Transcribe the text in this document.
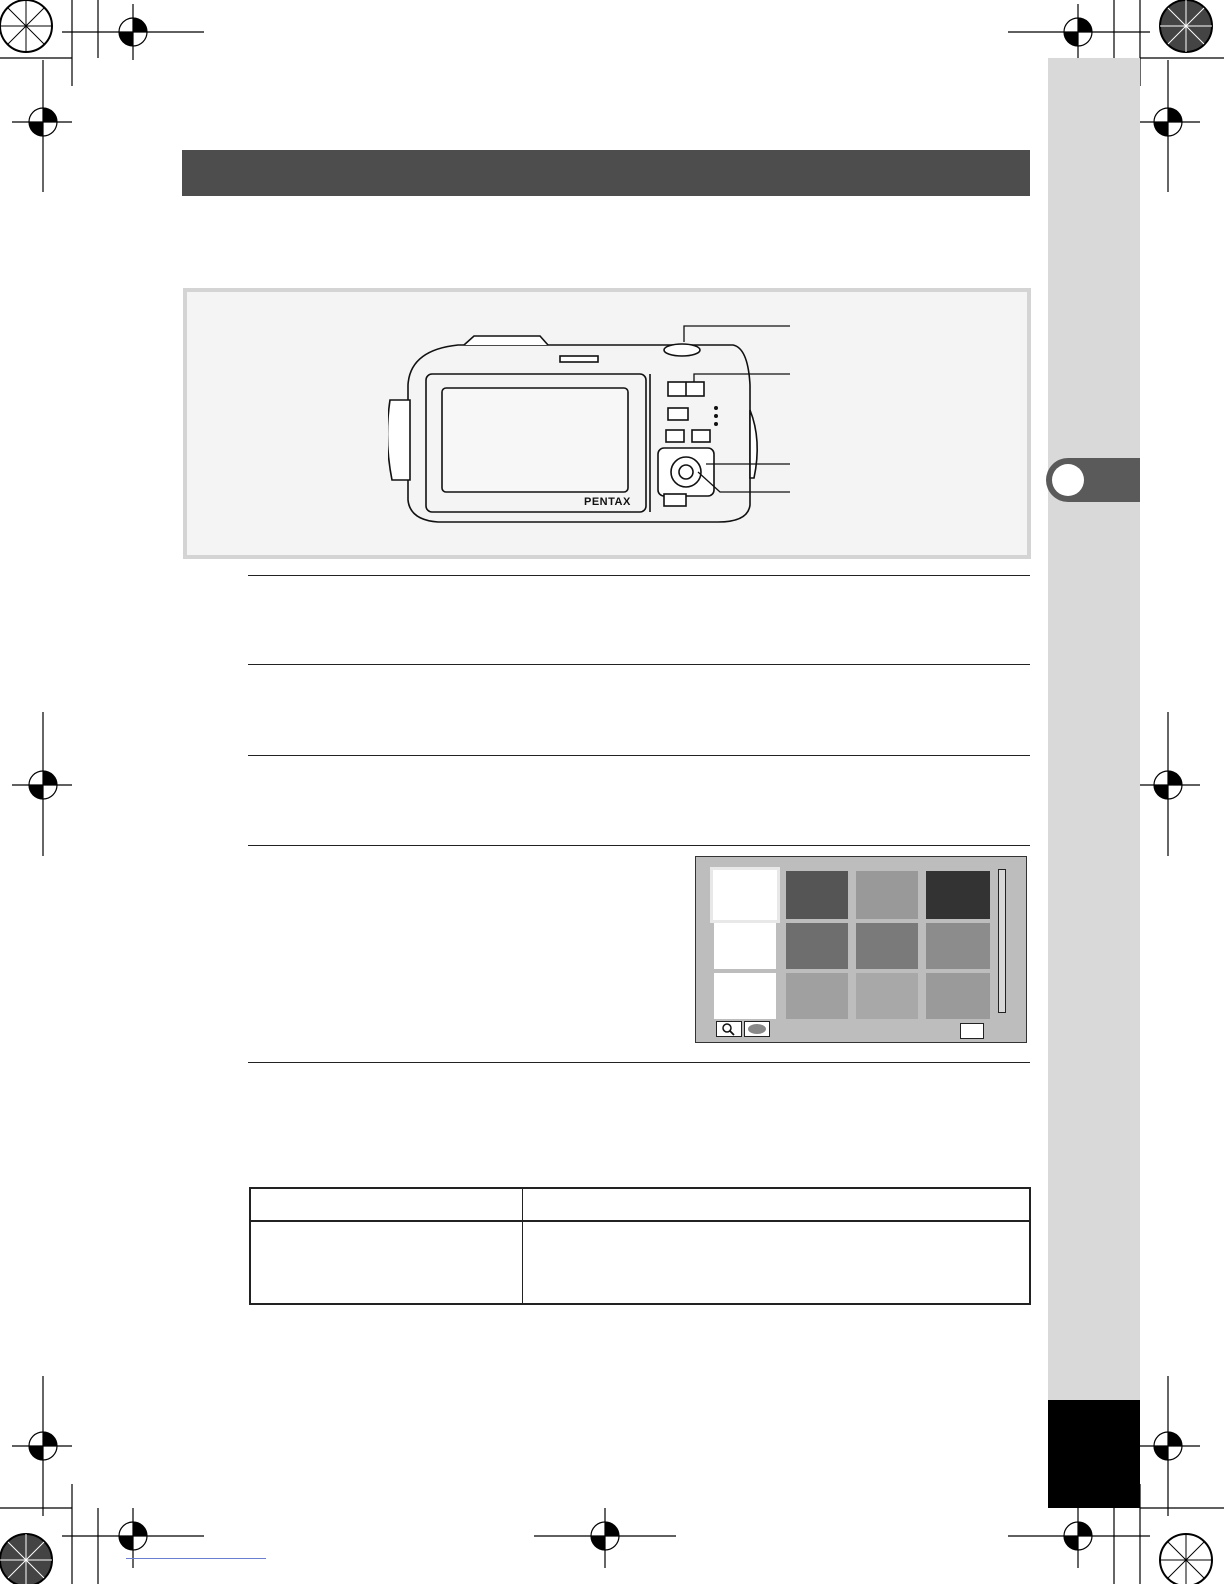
PENTAX
